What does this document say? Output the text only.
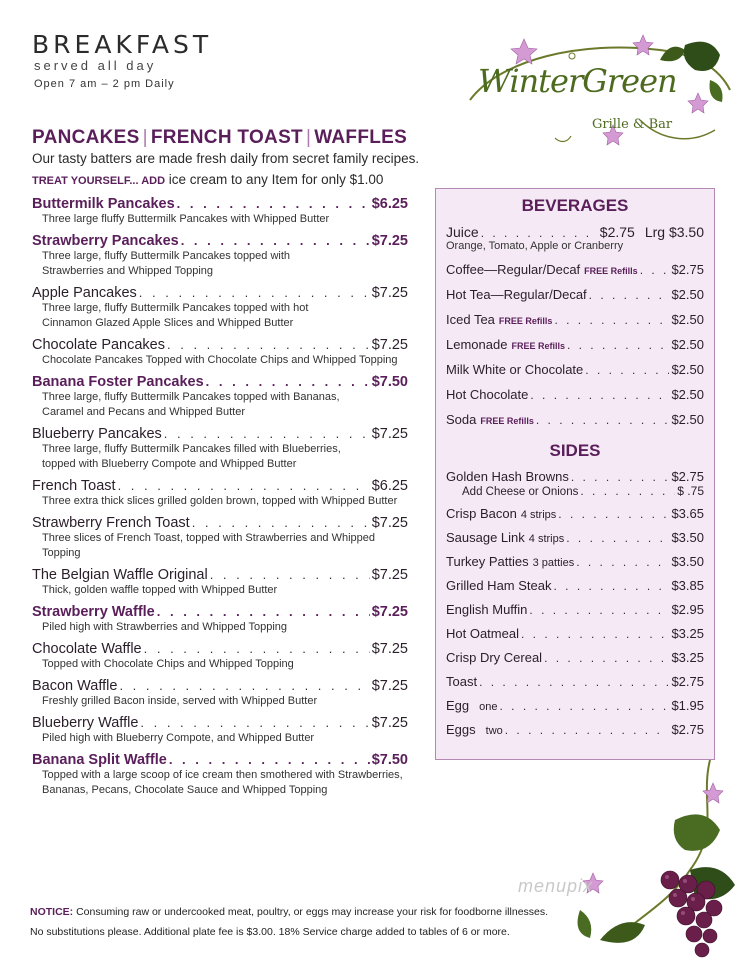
BREAKFAST
served all day
Open 7 am – 2 pm Daily	WinterGreen
Grille & Bar
PANCAKES | FRENCH TOAST | WAFFLES
Our tasty batters are made fresh daily from secret family recipes.
TREAT YOURSELF... ADD ice cream to any Item for only $1.00
Buttermilk Pancakes . . .	$6.25
Three large fluffy Buttermilk Pancakes with Whipped Butter
Strawberry Pancakes . . .	$7.25
Three large, fluffy Buttermilk Pancakes topped with
Strawberries and Whipped Topping
Apple Pancakes . . .	$7.25
Three large, fluffy Buttermilk Pancakes topped with hot
Cinnamon Glazed Apple Slices and Whipped Butter
Chocolate Pancakes . . .	$7.25
Chocolate Pancakes Topped with Chocolate Chips and Whipped Topping
Banana Foster Pancakes . . .	$7.50
Three large, fluffy Buttermilk Pancakes topped with Bananas,
Caramel and Pecans and Whipped Butter
Blueberry Pancakes . . .	$7.25
Three large, fluffy Buttermilk Pancakes filled with Blueberries,
topped with Blueberry Compote and Whipped Butter
French Toast . . .	$6.25
Three extra thick slices grilled golden brown, topped with Whipped Butter
Strawberry French Toast . . .	$7.25
Three slices of French Toast, topped with Strawberries and Whipped Topping
The Belgian Waffle Original . . .	$7.25
Thick, golden waffle topped with Whipped Butter
Strawberry Waffle . . .	$7.25
Piled high with Strawberries and Whipped Topping
Chocolate Waffle . . .	$7.25
Topped with Chocolate Chips and Whipped Topping
Bacon Waffle . . .	$7.25
Freshly grilled Bacon inside, served with Whipped Butter
Blueberry Waffle . . .	$7.25
Piled high with Blueberry Compote, and Whipped Butter
Banana Split Waffle . . .	$7.50
Topped with a large scoop of ice cream then smothered with Strawberries,
Bananas, Pecans, Chocolate Sauce and Whipped Topping
BEVERAGES
Juice . . .	$2.75 Lrg $3.50
Orange, Tomato, Apple or Cranberry
Coffee—Regular/Decaf FREE Refills . . .	$2.75
Hot Tea—Regular/Decaf . . .	$2.50
Iced Tea FREE Refills . . .	$2.50
Lemonade FREE Refills . . .	$2.50
Milk White or Chocolate . . .	$2.50
Hot Chocolate . . .	$2.50
Soda FREE Refills . . .	$2.50
SIDES
Golden Hash Browns . . .	$2.75
Add Cheese or Onions . . .	$ .75
Crisp Bacon 4 strips . . .	$3.65
Sausage Link 4 strips . . .	$3.50
Turkey Patties 3 patties . . .	$3.50
Grilled Ham Steak . . .	$3.85
English Muffin . . .	$2.95
Hot Oatmeal . . .	$3.25
Crisp Dry Cereal . . .	$3.25
Toast . . .	$2.75
Egg one . . .	$1.95
Eggs two . . .	$2.75
menupix
NOTICE: Consuming raw or undercooked meat, poultry, or eggs may increase your risk for foodborne illnesses.
No substitutions please. Additional plate fee is $3.00. 18% Service charge added to tables of 6 or more.
